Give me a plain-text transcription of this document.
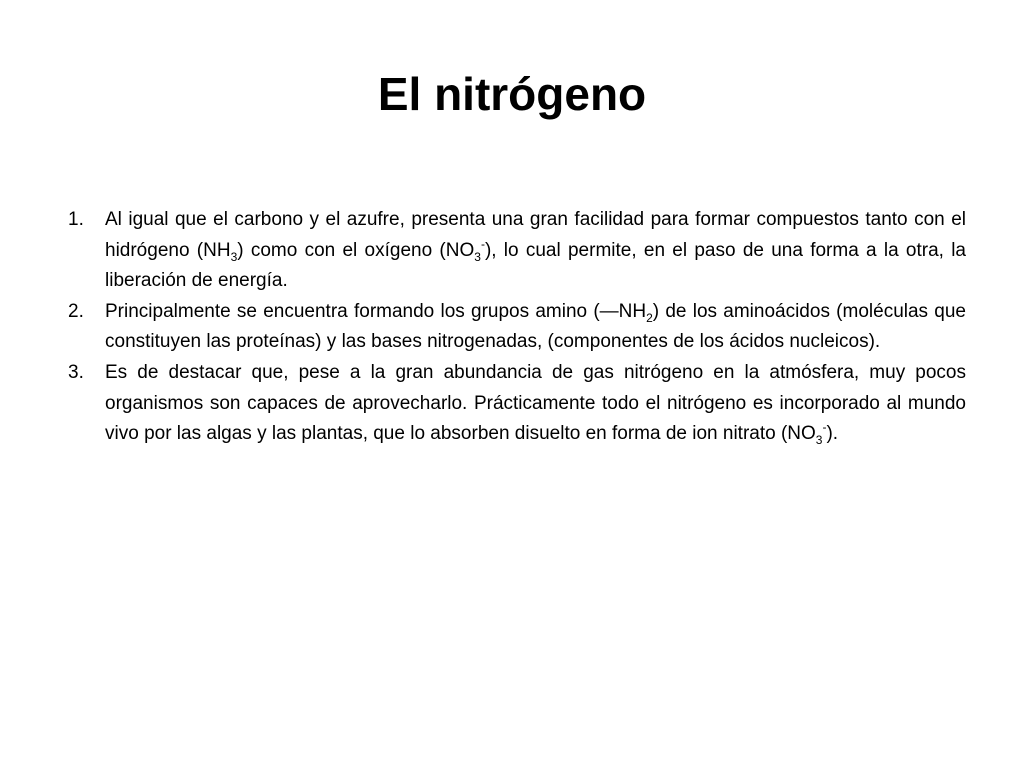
El nitrógeno
1. Al igual que el carbono y el azufre, presenta una gran facilidad para formar compuestos tanto con el hidrógeno $(NH_3)$ como con el oxígeno $(NO_3^-)$, lo cual permite, en el paso de una forma a la otra, la liberación de energía.
2. Principalmente se encuentra formando los grupos amino $(—NH_2)$ de los aminoácidos (moléculas que constituyen las proteínas) y las bases nitrogenadas, (componentes de los ácidos nucleicos).
3. Es de destacar que, pese a la gran abundancia de gas nitrógeno en la atmósfera, muy pocos organismos son capaces de aprovecharlo. Prácticamente todo el nitrógeno es incorporado al mundo vivo por las algas y las plantas, que lo absorben disuelto en forma de ion nitrato $(NO_3^-)$.
